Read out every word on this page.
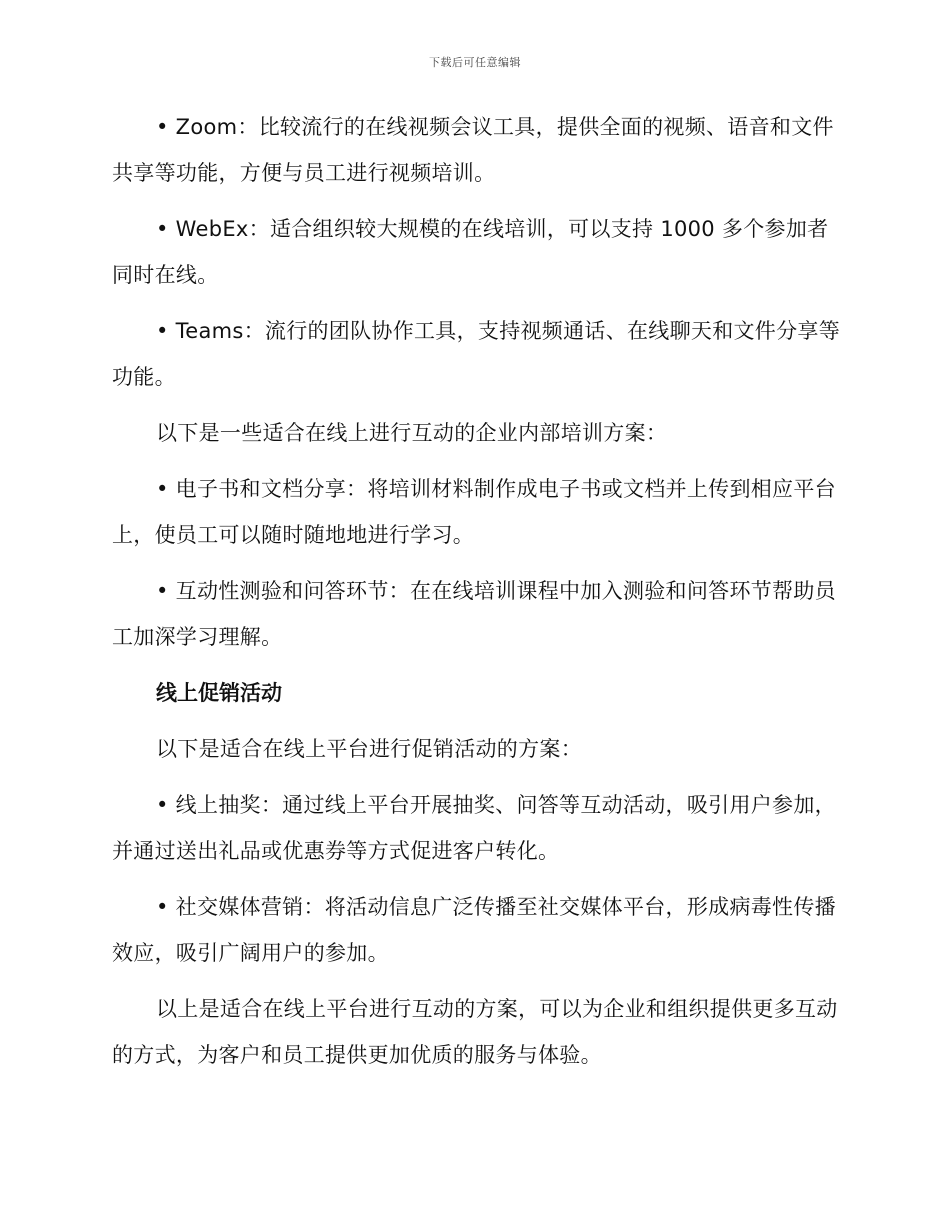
下载后可任意编辑

• Zoom：比较流行的在线视频会议工具，提供全面的视频、语音和文件共享等功能，方便与员工进行视频培训。

• WebEx：适合组织较大规模的在线培训，可以支持 1000 多个参加者同时在线。

• Teams：流行的团队协作工具，支持视频通话、在线聊天和文件分享等功能。

以下是一些适合在线上进行互动的企业内部培训方案：

• 电子书和文档分享：将培训材料制作成电子书或文档并上传到相应平台上，使员工可以随时随地地进行学习。

• 互动性测验和问答环节：在在线培训课程中加入测验和问答环节帮助员工加深学习理解。

线上促销活动

以下是适合在线上平台进行促销活动的方案：

• 线上抽奖：通过线上平台开展抽奖、问答等互动活动，吸引用户参加，并通过送出礼品或优惠券等方式促进客户转化。

• 社交媒体营销：将活动信息广泛传播至社交媒体平台，形成病毒性传播效应，吸引广阔用户的参加。

以上是适合在线上平台进行互动的方案，可以为企业和组织提供更多互动的方式，为客户和员工提供更加优质的服务与体验。
